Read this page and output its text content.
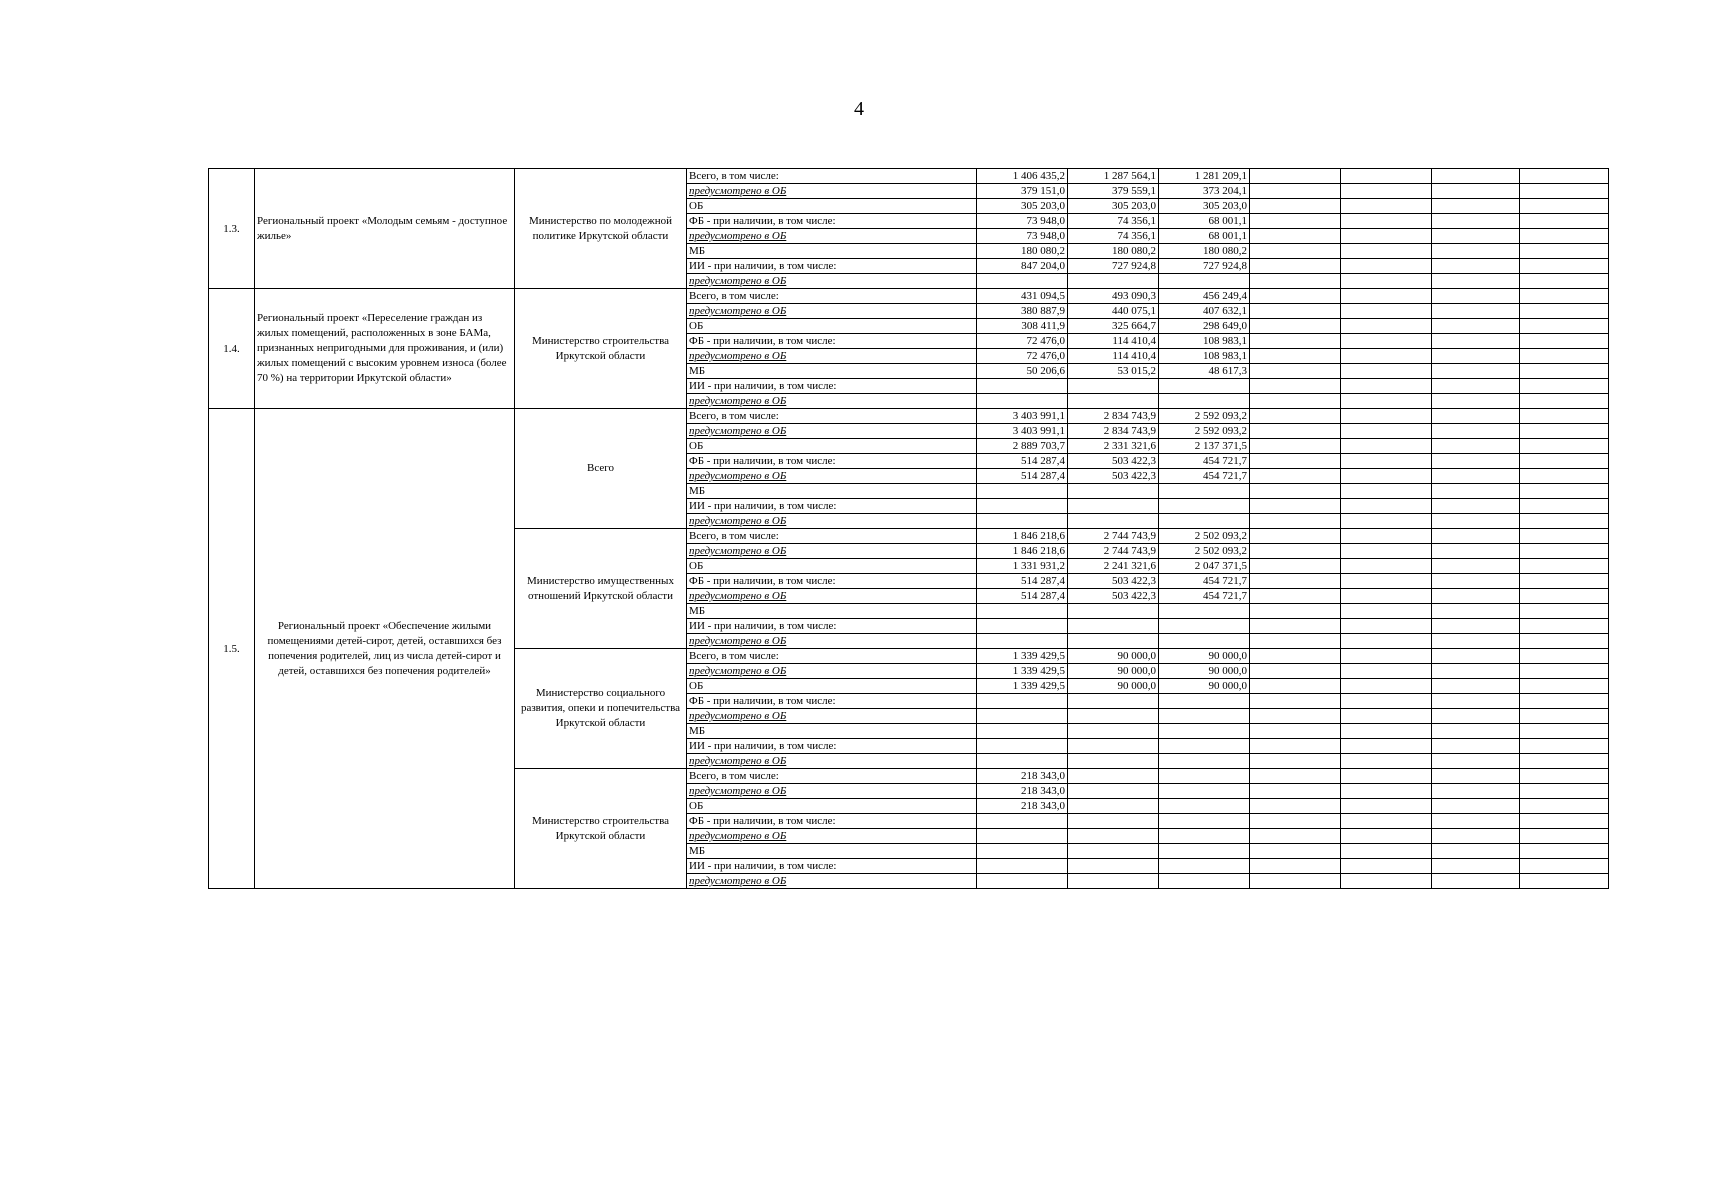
4
1.3.	Региональный проект «Молодым семьям - доступное жилье»	Министерство по молодежной политике Иркутской области	Всего, в том числе:	1 406 435,2	1 287 564,1	1 281 209,1				
			предусмотрено в ОБ	379 151,0	379 559,1	373 204,1				
			ОБ	305 203,0	305 203,0	305 203,0				
			ФБ - при наличии, в том числе:	73 948,0	74 356,1	68 001,1				
			предусмотрено в ОБ	73 948,0	74 356,1	68 001,1				
			МБ	180 080,2	180 080,2	180 080,2				
			ИИ - при наличии, в том числе:	847 204,0	727 924,8	727 924,8				
			предусмотрено в ОБ							
1.4.	Региональный проект «Переселение граждан из жилых помещений, расположенных в зоне БАМа, признанных непригодными для проживания, и (или) жилых помещений с высоким уровнем износа (более 70 %) на территории Иркутской области»	Министерство строительства Иркутской области	Всего, в том числе:	431 094,5	493 090,3	456 249,4				
			предусмотрено в ОБ	380 887,9	440 075,1	407 632,1				
			ОБ	308 411,9	325 664,7	298 649,0				
			ФБ - при наличии, в том числе:	72 476,0	114 410,4	108 983,1				
			предусмотрено в ОБ	72 476,0	114 410,4	108 983,1				
			МБ	50 206,6	53 015,2	48 617,3				
			ИИ - при наличии, в том числе:							
			предусмотрено в ОБ							
1.5.	Региональный проект «Обеспечение жилыми помещениями детей-сирот, детей, оставшихся без попечения родителей, лиц из числа детей-сирот и детей, оставшихся без попечения родителей»	Всего	Всего, в том числе:	3 403 991,1	2 834 743,9	2 592 093,2				
			предусмотрено в ОБ	3 403 991,1	2 834 743,9	2 592 093,2				
			ОБ	2 889 703,7	2 331 321,6	2 137 371,5				
			ФБ - при наличии, в том числе:	514 287,4	503 422,3	454 721,7				
			предусмотрено в ОБ	514 287,4	503 422,3	454 721,7				
			МБ							
			ИИ - при наличии, в том числе:							
			предусмотрено в ОБ							
		Министерство имущественных отношений Иркутской области	Всего, в том числе:	1 846 218,6	2 744 743,9	2 502 093,2				
			предусмотрено в ОБ	1 846 218,6	2 744 743,9	2 502 093,2				
			ОБ	1 331 931,2	2 241 321,6	2 047 371,5				
			ФБ - при наличии, в том числе:	514 287,4	503 422,3	454 721,7				
			предусмотрено в ОБ	514 287,4	503 422,3	454 721,7				
			МБ							
			ИИ - при наличии, в том числе:							
			предусмотрено в ОБ							
		Министерство социального развития, опеки и попечительства Иркутской области	Всего, в том числе:	1 339 429,5	90 000,0	90 000,0				
			предусмотрено в ОБ	1 339 429,5	90 000,0	90 000,0				
			ОБ	1 339 429,5	90 000,0	90 000,0				
			ФБ - при наличии, в том числе:							
			предусмотрено в ОБ							
			МБ							
			ИИ - при наличии, в том числе:							
			предусмотрено в ОБ							
		Министерство строительства Иркутской области	Всего, в том числе:	218 343,0						
			предусмотрено в ОБ	218 343,0						
			ОБ	218 343,0						
			ФБ - при наличии, в том числе:							
			предусмотрено в ОБ							
			МБ							
			ИИ - при наличии, в том числе:							
			предусмотрено в ОБ							
